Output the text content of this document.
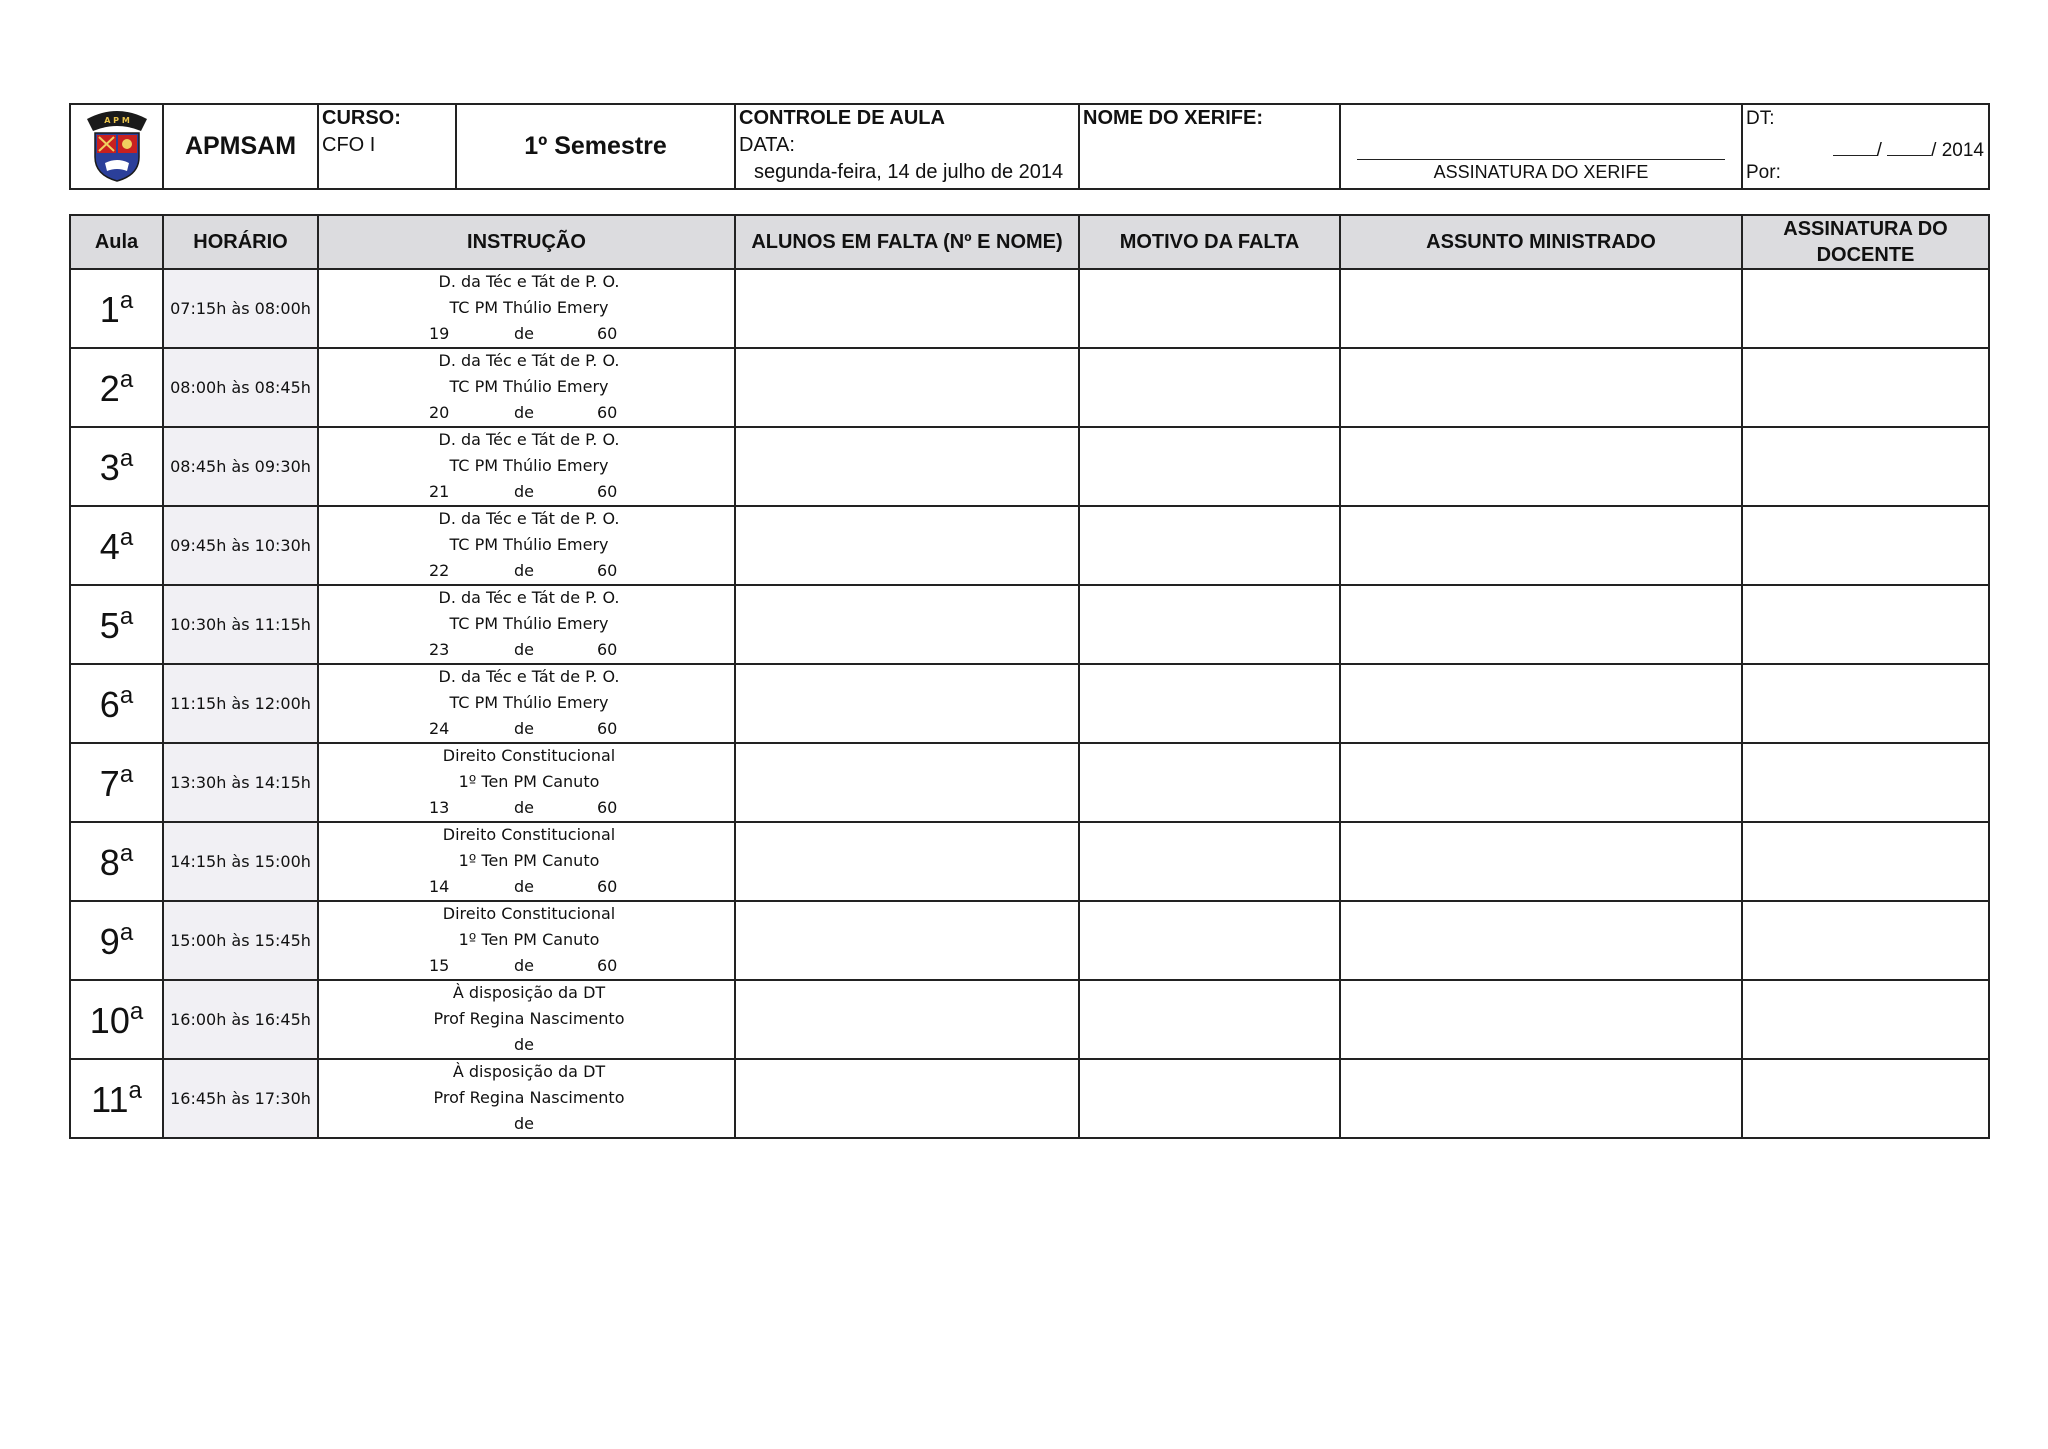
A P M
	APMSAM	
CURSO:
CFO I	1º Semestre	
CONTROLE DE AULA
DATA:
segunda-feira, 14 de julho de 2014

NOME DO XERIFE:

ASSINATURA DO XERIFE

DT:
/	/ 2014
Por:
Aula	HORÁRIO	INSTRUÇÃO	ALUNOS EM FALTA (Nº E NOME)	MOTIVO DA FALTA	ASSUNTO MINISTRADO	ASSINATURA DO DOCENTE
1$^a$	07:15h às 08:00h	D. da Téc e Tát de P. O.
TC PM Thúlio Emery
19 de 60				

2$^a$	08:00h às 08:45h	D. da Téc e Tát de P. O.
TC PM Thúlio Emery
20 de 60				

3$^a$	08:45h às 09:30h	D. da Téc e Tát de P. O.
TC PM Thúlio Emery
21 de 60				

4$^a$	09:45h às 10:30h	D. da Téc e Tát de P. O.
TC PM Thúlio Emery
22 de 60				

5$^a$	10:30h às 11:15h	D. da Téc e Tát de P. O.
TC PM Thúlio Emery
23 de 60				

6$^a$	11:15h às 12:00h	D. da Téc e Tát de P. O.
TC PM Thúlio Emery
24 de 60				

7$^a$	13:30h às 14:15h	Direito Constitucional
1º Ten PM Canuto
13 de 60				

8$^a$	14:15h às 15:00h	Direito Constitucional
1º Ten PM Canuto
14 de 60				

9$^a$	15:00h às 15:45h	Direito Constitucional
1º Ten PM Canuto
15 de 60				

10$^a$	16:00h às 16:45h	À disposição da DT
Prof Regina Nascimento
de				

11$^a$	16:45h às 17:30h	À disposição da DT
Prof Regina Nascimento
de				
